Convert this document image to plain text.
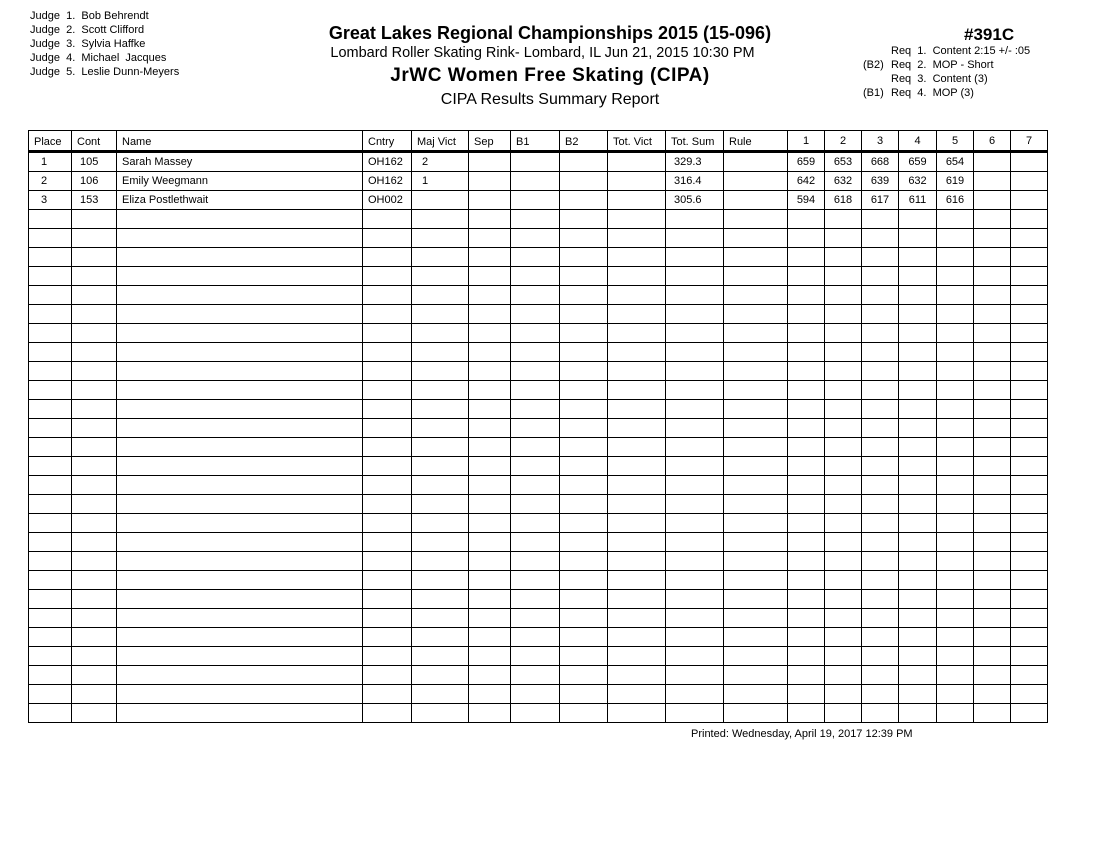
Judge  1.  Bob Behrendt
Judge  2.  Scott Clifford
Judge  3.  Sylvia Haffke
Judge  4.  Michael  Jacques
Judge  5.  Leslie Dunn-Meyers
Great Lakes Regional Championships 2015 (15-096)
Lombard Roller Skating Rink- Lombard, IL Jun 21, 2015 10:30 PM
JrWC Women Free Skating (CIPA)
CIPA Results Summary Report
#391C
Req  1.  Content 2:15 +/- :05
(B2) Req  2.  MOP - Short
Req  3.  Content (3)
(B1) Req  4.  MOP (3)
Place	Cont	Name	Cntry	Maj Vict	Sep	B1	B2	Tot. Vict	Tot. Sum	Rule	1	2	3	4	5	6	7
1	105	Sarah Massey	OH162	2					329.3		659	653	668	659	654		
2	106	Emily Weegmann	OH162	1					316.4		642	632	639	632	619		
3	153	Eliza Postlethwait	OH002						305.6		594	618	617	611	616		

Printed: Wednesday, April 19, 2017 12:39 PM
